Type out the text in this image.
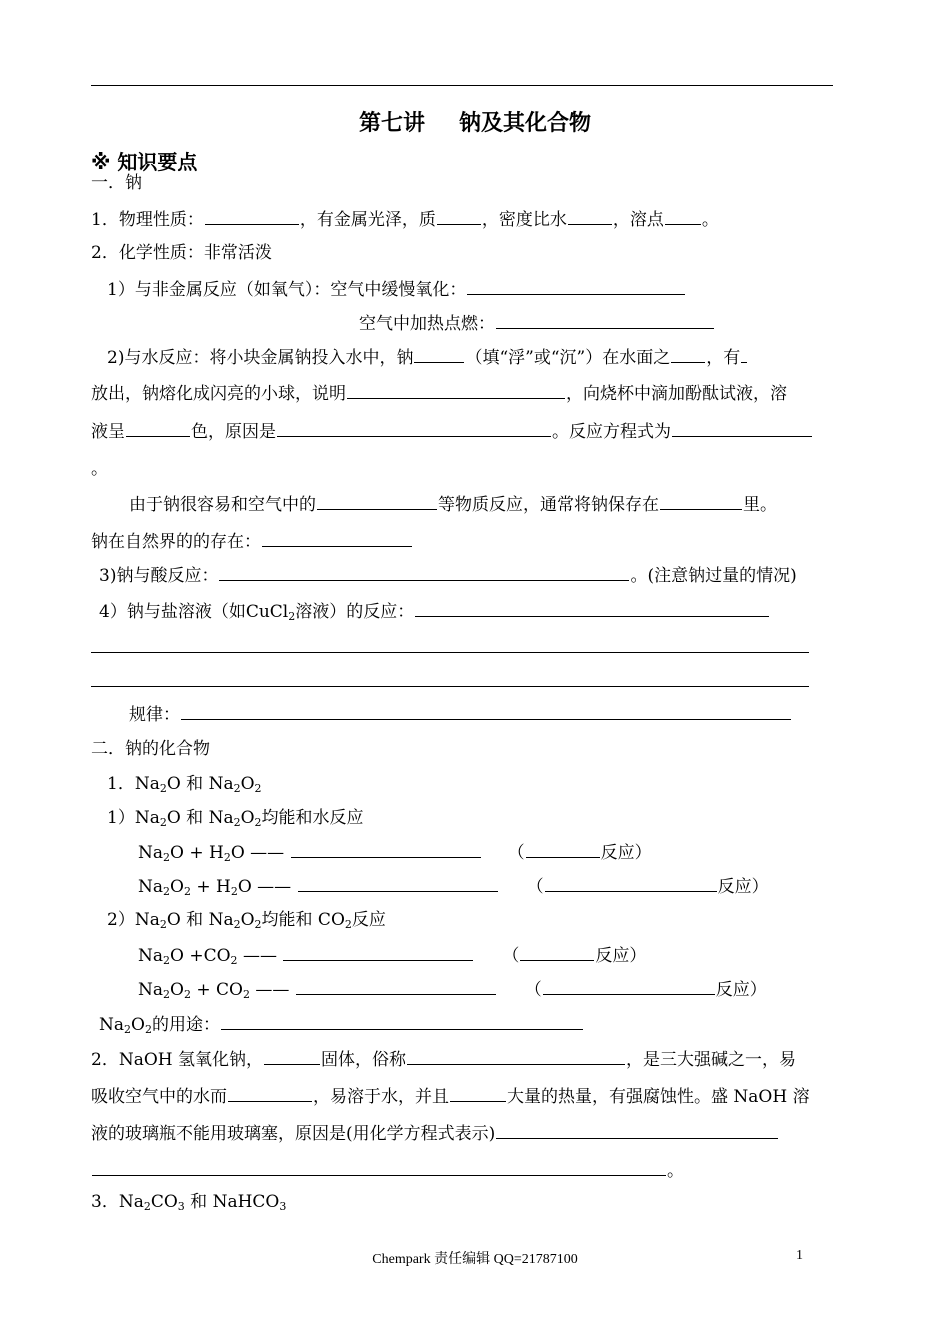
第七讲 钠及其化合物
※ 知识要点
一．钠
1．物理性质：	，有金属光泽，质	，密度比水	，溶点 。
2．化学性质：非常活泼
1）与非金属反应（如氧气）：空气中缓慢氧化：
空气中加热点燃：
2)与水反应：将小块金属钠投入水中，钠	（填“浮”或“沉”）在水面之 ，有
放出，钠熔化成闪亮的小球，说明	，向烧杯中滴加酚酞试液，溶
液呈	色，原因是	。反应方程式为
。
由于钠很容易和空气中的	等物质反应，通常将钠保存在	里。
钠在自然界的的存在：
3)钠与酸反应：	。(注意钠过量的情况)
4）钠与盐溶液（如CuCl$_2$溶液）的反应：
规律：
二．钠的化合物
1．$Na_2O$ 和 $Na_2O_2$
$1)Na_2O$ 和 $Na_2O_2$均能和水反应
$Na_2O + H_2O$ ——	（	反应）
$Na_2O_2 + H_2O$ ——	（	反应）
$2)Na_2O$ 和 $Na_2O_2$均能和 $CO_2$反应
$Na_2O +CO_2$ ——	（	反应）
$Na_2O_2 + CO_2$ ——	（	反应）
$Na_2O_2$的用途：
2．NaOH 氢氧化钠，	固体，俗称	，是三大强碱之一，易
吸收空气中的水而	，易溶于水，并且	大量的热量，有强腐蚀性。盛 NaOH 溶
液的玻璃瓶不能用玻璃塞，原因是(用化学方程式表示)
。
3．$Na_2CO_3$ 和 NaHCO$_3$
Chempark 责任编辑 QQ=21787100	1
